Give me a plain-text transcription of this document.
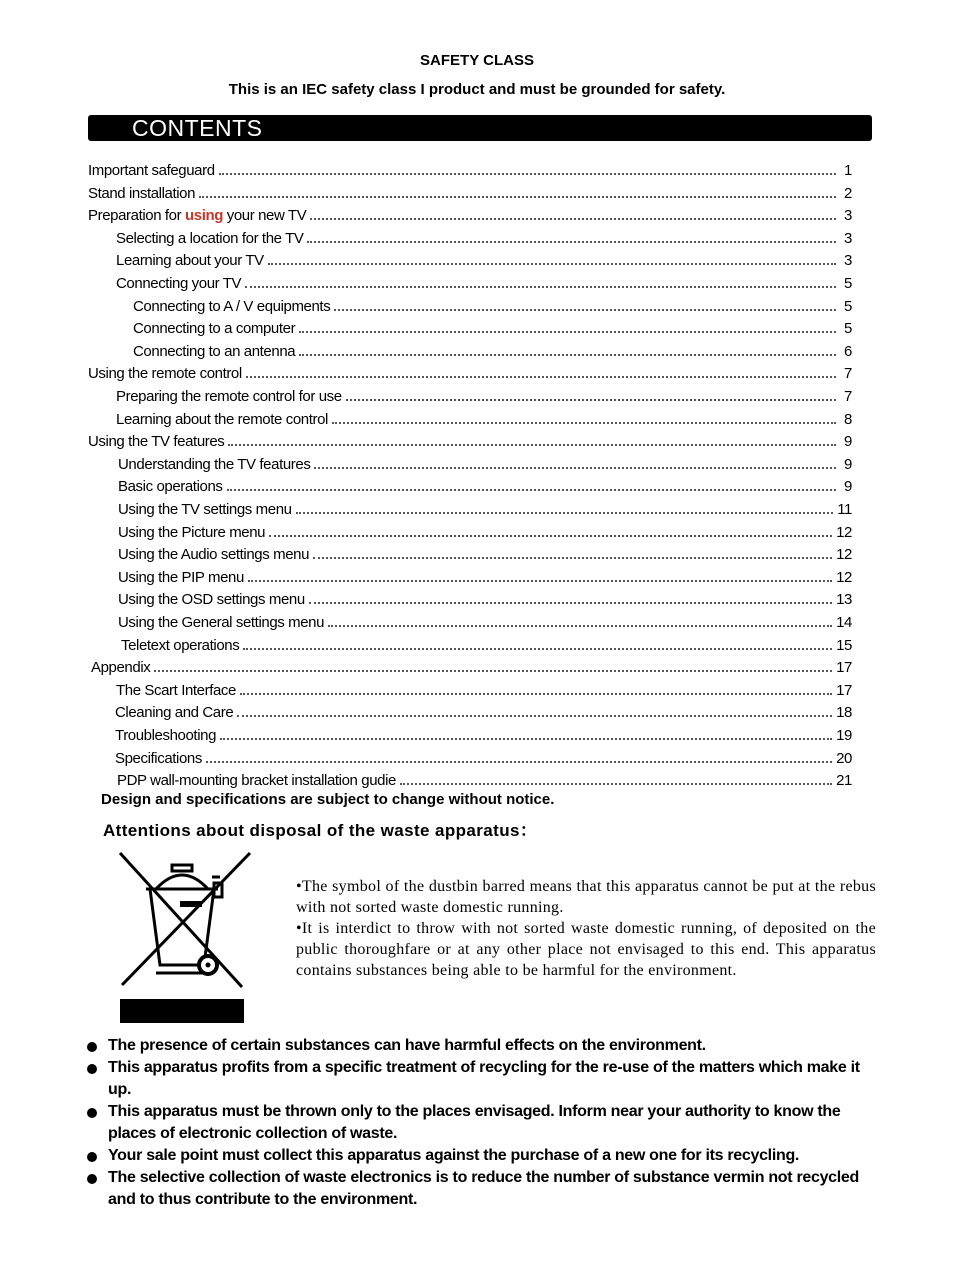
SAFETY CLASS
This is an IEC safety class I product and must be grounded for safety.
CONTENTS
Important safeguard	1
Stand installation	2
Preparation for using your new TV	3
Selecting a location for the TV	3
Learning about your TV	3
Connecting your TV	5
Connecting to A / V equipments	5
Connecting to a computer	5
Connecting to an antenna	6
Using the remote control	7
Preparing the remote control for use	7
Learning about the remote control	8
Using the TV features	9
Understanding the TV features	9
Basic operations	9
Using the TV settings menu	11
Using the Picture menu	12
Using the Audio settings menu	12
Using the PIP menu	12
Using the OSD settings menu	13
Using the General settings menu	14
Teletext operations	15
Appendix	17
The Scart Interface	17
Cleaning and Care	18
Troubleshooting	19
Specifications	20
PDP wall-mounting bracket installation gudie	21
Design and specifications are subject to change without notice.
Attentions about disposal of the waste apparatus：

•The symbol of the dustbin barred means that this apparatus cannot be put at the rebus with not sorted waste domestic running.

•It is interdict to throw with not sorted waste domestic running, of deposited on the public thoroughfare or at any other place not envisaged to this end. This apparatus contains substances being able to be harmful for the environment.

The presence of certain substances can have harmful effects on the environment.
This apparatus profits from a specific treatment of recycling for the re-use of the matters which make it up.
This apparatus must be thrown only to the places envisaged. Inform near your authority to know the places of electronic collection of waste.
Your sale point must collect this apparatus against the purchase of a new one for its recycling.
The selective collection of waste electronics is to reduce the number of substance vermin not recycled and to thus contribute to the environment.
